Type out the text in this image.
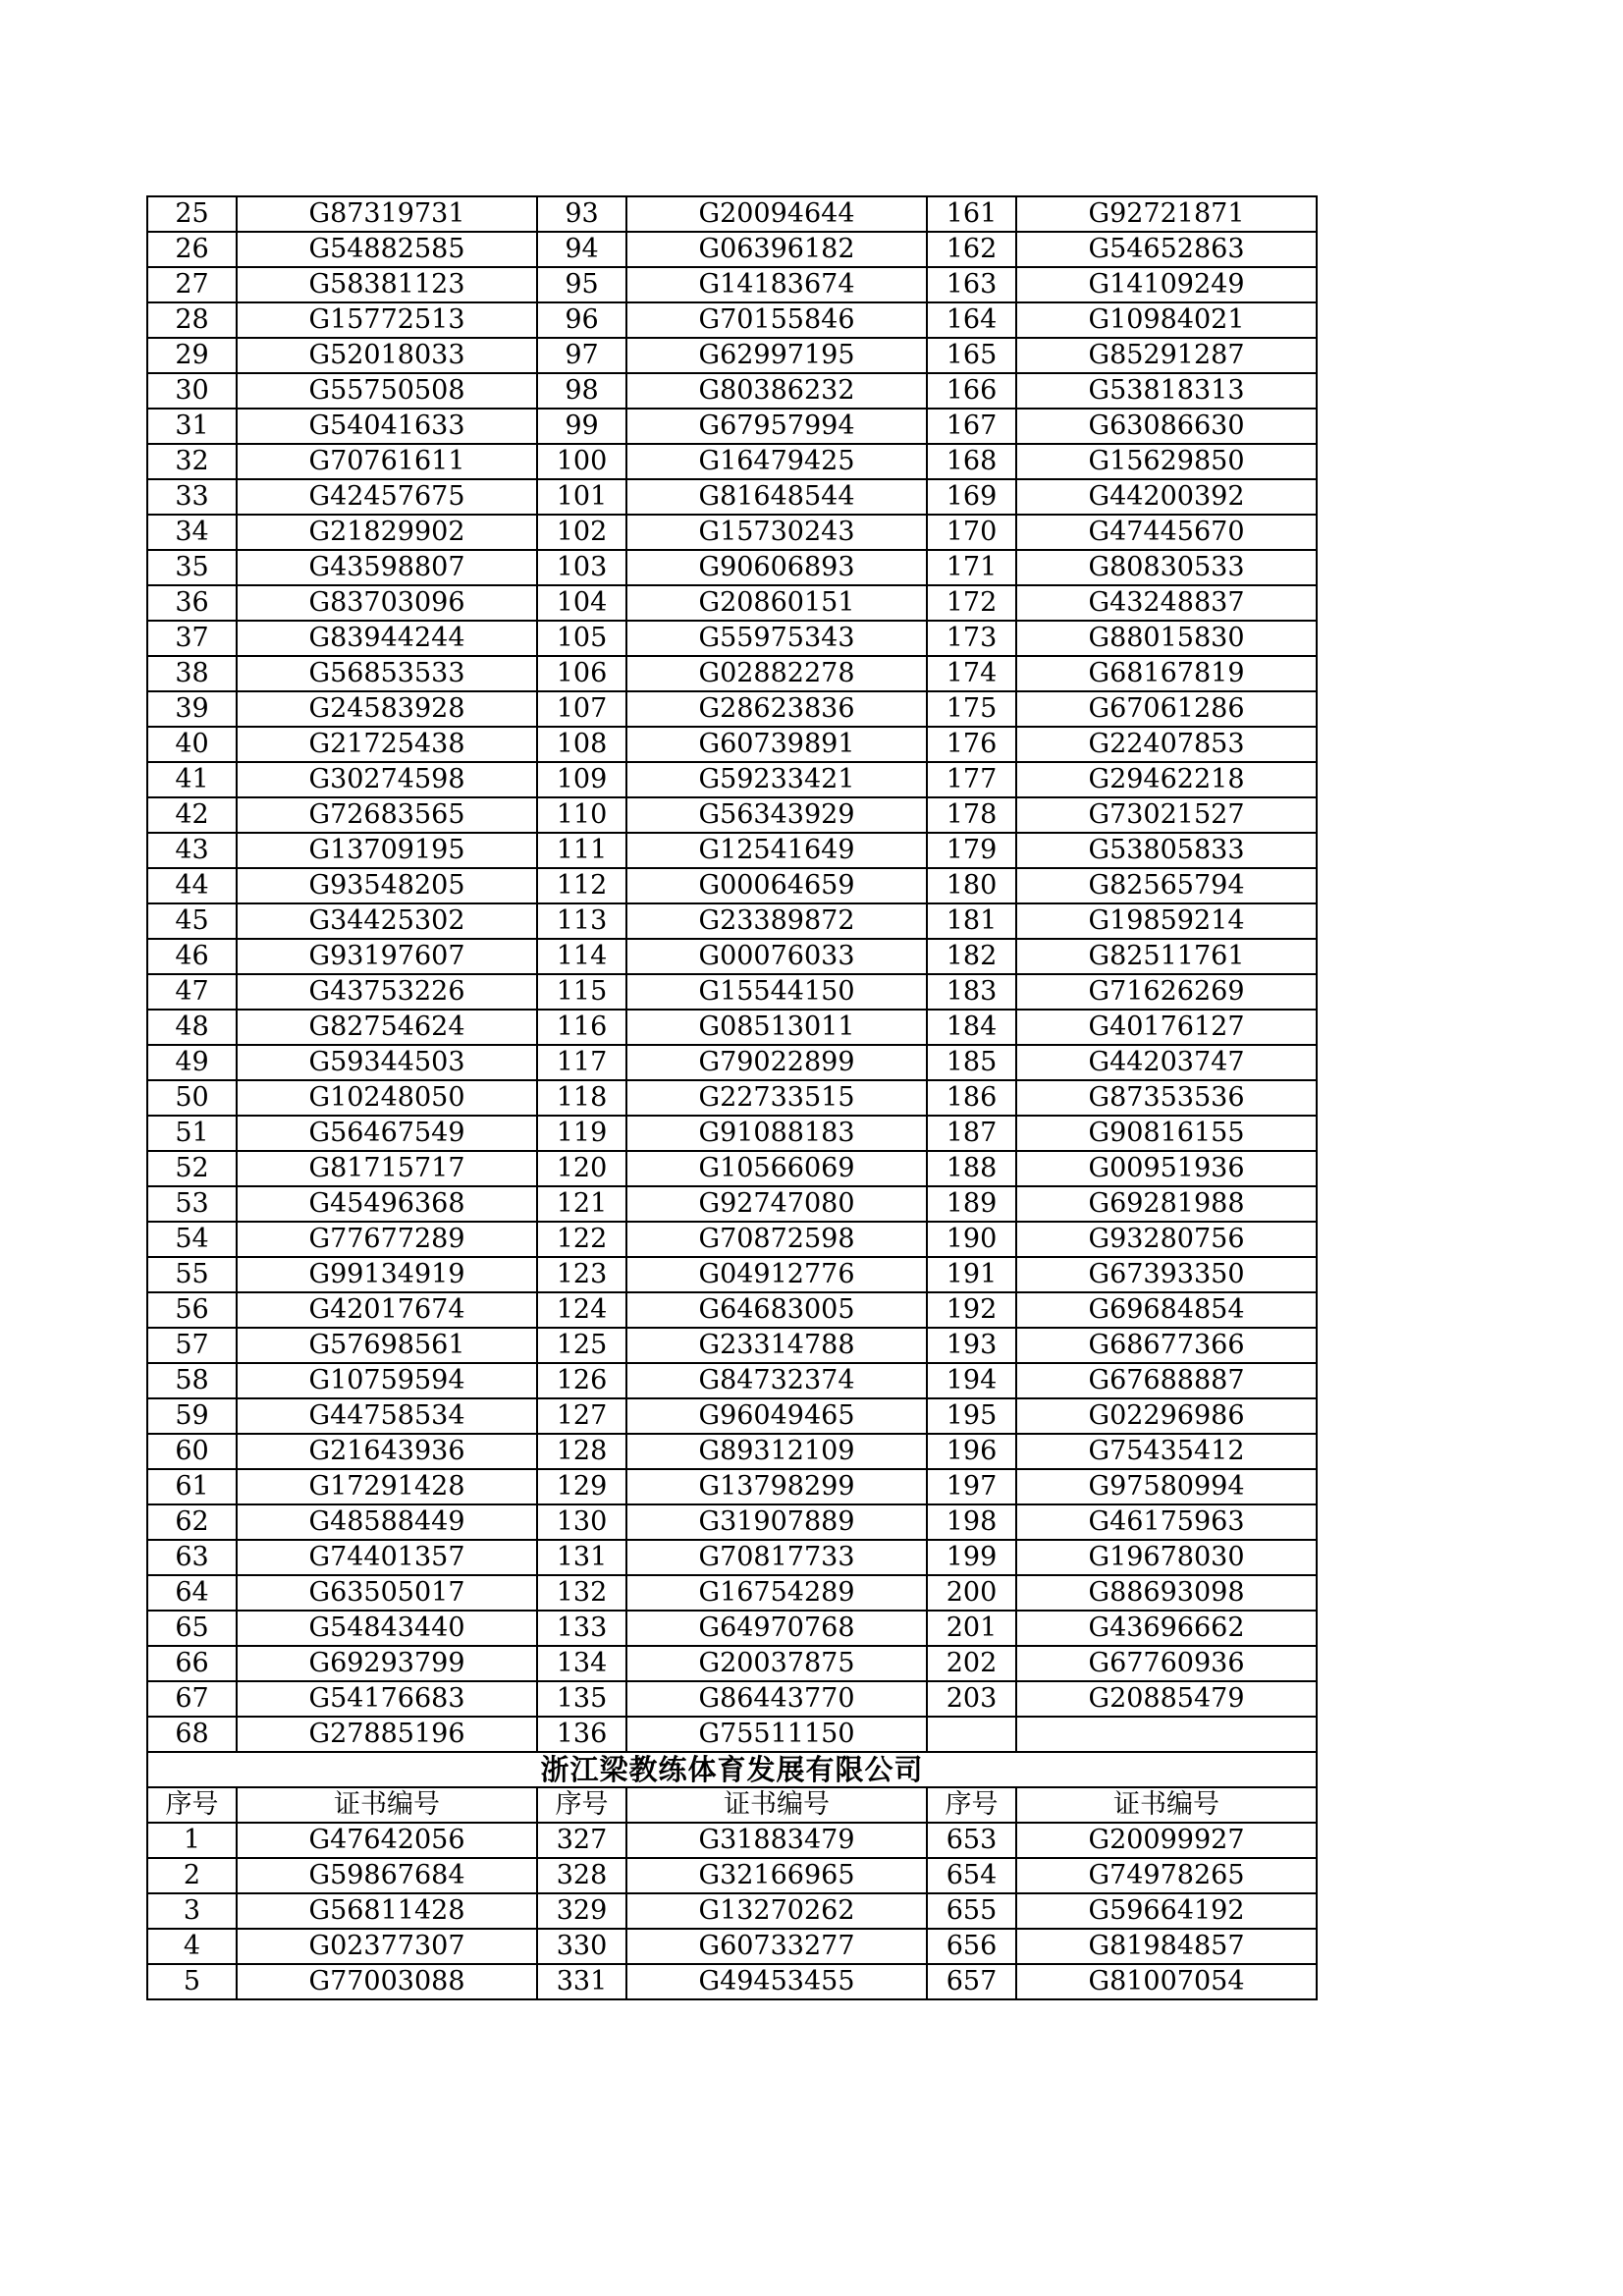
25	G87319731	93	G20094644	161	G92721871
26	G54882585	94	G06396182	162	G54652863
27	G58381123	95	G14183674	163	G14109249
28	G15772513	96	G70155846	164	G10984021
29	G52018033	97	G62997195	165	G85291287
30	G55750508	98	G80386232	166	G53818313
31	G54041633	99	G67957994	167	G63086630
32	G70761611	100	G16479425	168	G15629850
33	G42457675	101	G81648544	169	G44200392
34	G21829902	102	G15730243	170	G47445670
35	G43598807	103	G90606893	171	G80830533
36	G83703096	104	G20860151	172	G43248837
37	G83944244	105	G55975343	173	G88015830
38	G56853533	106	G02882278	174	G68167819
39	G24583928	107	G28623836	175	G67061286
40	G21725438	108	G60739891	176	G22407853
41	G30274598	109	G59233421	177	G29462218
42	G72683565	110	G56343929	178	G73021527
43	G13709195	111	G12541649	179	G53805833
44	G93548205	112	G00064659	180	G82565794
45	G34425302	113	G23389872	181	G19859214
46	G93197607	114	G00076033	182	G82511761
47	G43753226	115	G15544150	183	G71626269
48	G82754624	116	G08513011	184	G40176127
49	G59344503	117	G79022899	185	G44203747
50	G10248050	118	G22733515	186	G87353536
51	G56467549	119	G91088183	187	G90816155
52	G81715717	120	G10566069	188	G00951936
53	G45496368	121	G92747080	189	G69281988
54	G77677289	122	G70872598	190	G93280756
55	G99134919	123	G04912776	191	G67393350
56	G42017674	124	G64683005	192	G69684854
57	G57698561	125	G23314788	193	G68677366
58	G10759594	126	G84732374	194	G67688887
59	G44758534	127	G96049465	195	G02296986
60	G21643936	128	G89312109	196	G75435412
61	G17291428	129	G13798299	197	G97580994
62	G48588449	130	G31907889	198	G46175963
63	G74401357	131	G70817733	199	G19678030
64	G63505017	132	G16754289	200	G88693098
65	G54843440	133	G64970768	201	G43696662
66	G69293799	134	G20037875	202	G67760936
67	G54176683	135	G86443770	203	G20885479
68	G27885196	136	G75511150		
浙江梁教练体育发展有限公司					
序号	证书编号	序号	证书编号	序号	证书编号
1	G47642056	327	G31883479	653	G20099927
2	G59867684	328	G32166965	654	G74978265
3	G56811428	329	G13270262	655	G59664192
4	G02377307	330	G60733277	656	G81984857
5	G77003088	331	G49453455	657	G81007054
